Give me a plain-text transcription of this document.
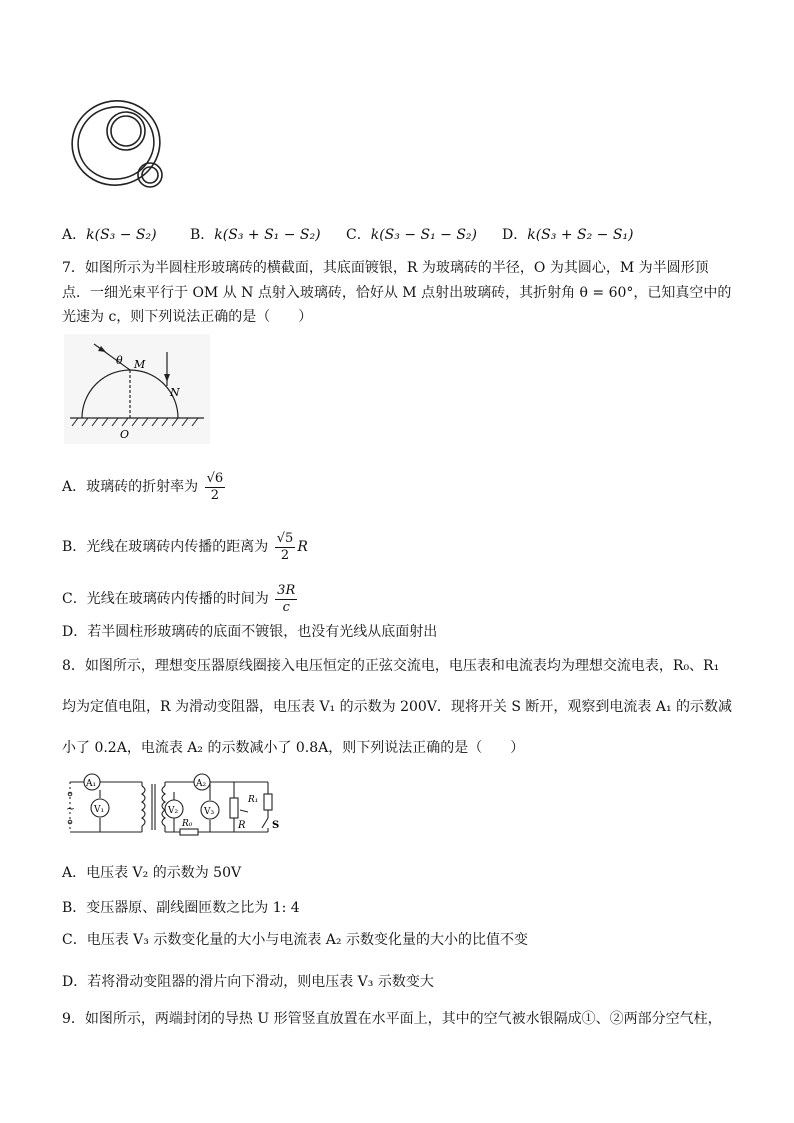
A．k(S₃ − S₂) B．k(S₃ + S₁ − S₂) C．k(S₃ − S₁ − S₂) D．k(S₃ + S₂ − S₁)
7．如图所示为半圆柱形玻璃砖的横截面，其底面镀银，R 为玻璃砖的半径，O 为其圆心，M 为半圆形顶
点．一细光束平行于 OM 从 N 点射入玻璃砖，恰好从 M 点射出玻璃砖，其折射角 θ = 60°，已知真空中的
光速为 c，则下列说法正确的是（　　）
θ M
N
O
A．玻璃砖的折射率为 $\frac{√6}{2}$
B．光线在玻璃砖内传播的距离为 $\frac{√5}{2}$ R
C．光线在玻璃砖内传播的时间为 $\frac{3R}{c}$
D．若半圆柱形玻璃砖的底面不镀银，也没有光线从底面射出
8．如图所示，理想变压器原线圈接入电压恒定的正弦交流电，电压表和电流表均为理想交流电表，R₀、R₁
均为定值电阻，R 为滑动变阻器，电压表 V₁ 的示数为 200V．现将开关 S 断开，观察到电流表 A₁ 的示数减
小了 0.2A，电流表 A₂ 的示数减小了 0.8A，则下列说法正确的是（　　）
~
A₁
V₁
A₂
V₂	V₃
R₀	R
R₁
S
A．电压表 V₂ 的示数为 50V
B．变压器原、副线圈匝数之比为 1: 4
C．电压表 V₃ 示数变化量的大小与电流表 A₂ 示数变化量的大小的比值不变
D．若将滑动变阻器的滑片向下滑动，则电压表 V₃ 示数变大
9．如图所示，两端封闭的导热 U 形管竖直放置在水平面上，其中的空气被水银隔成①、②两部分空气柱，
